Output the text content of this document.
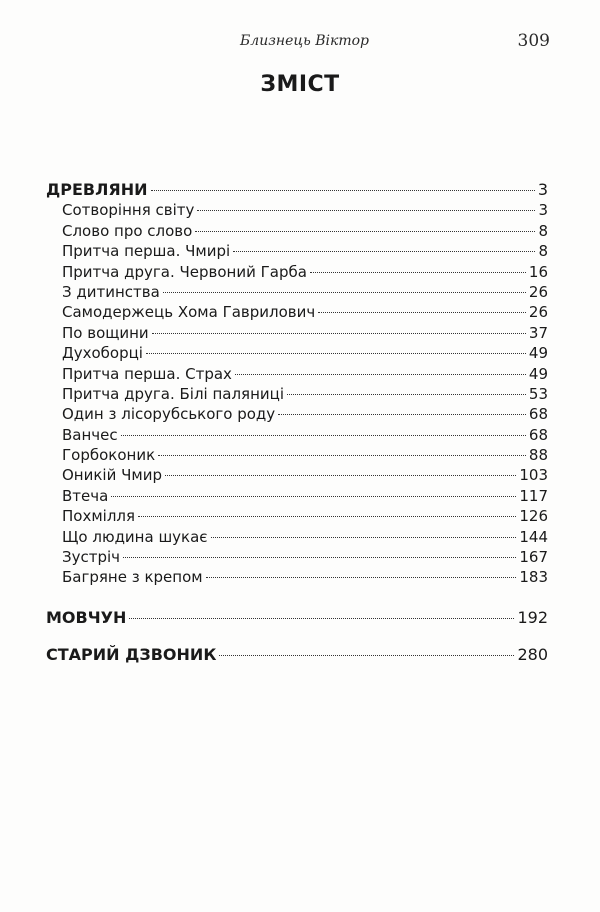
Близнець Віктор	309
ЗМІСТ
ДРЕВЛЯНИ	3
Сотворіння світу	3
Слово про слово	8
Притча перша. Чмирі	8
Притча друга. Червоний Гарба	16
З дитинства	26
Самодержець Хома Гаврилович	26
По вощини	37
Духоборці	49
Притча перша. Страх	49
Притча друга. Білі паляниці	53
Один з лісорубського роду	68
Ванчес	68
Горбоконик	88
Оникій Чмир	103
Втеча	117
Похмілля	126
Що людина шукає	144
Зустріч	167
Багряне з крепом	183
МОВЧУН	192
СТАРИЙ ДЗВОНИК	280
